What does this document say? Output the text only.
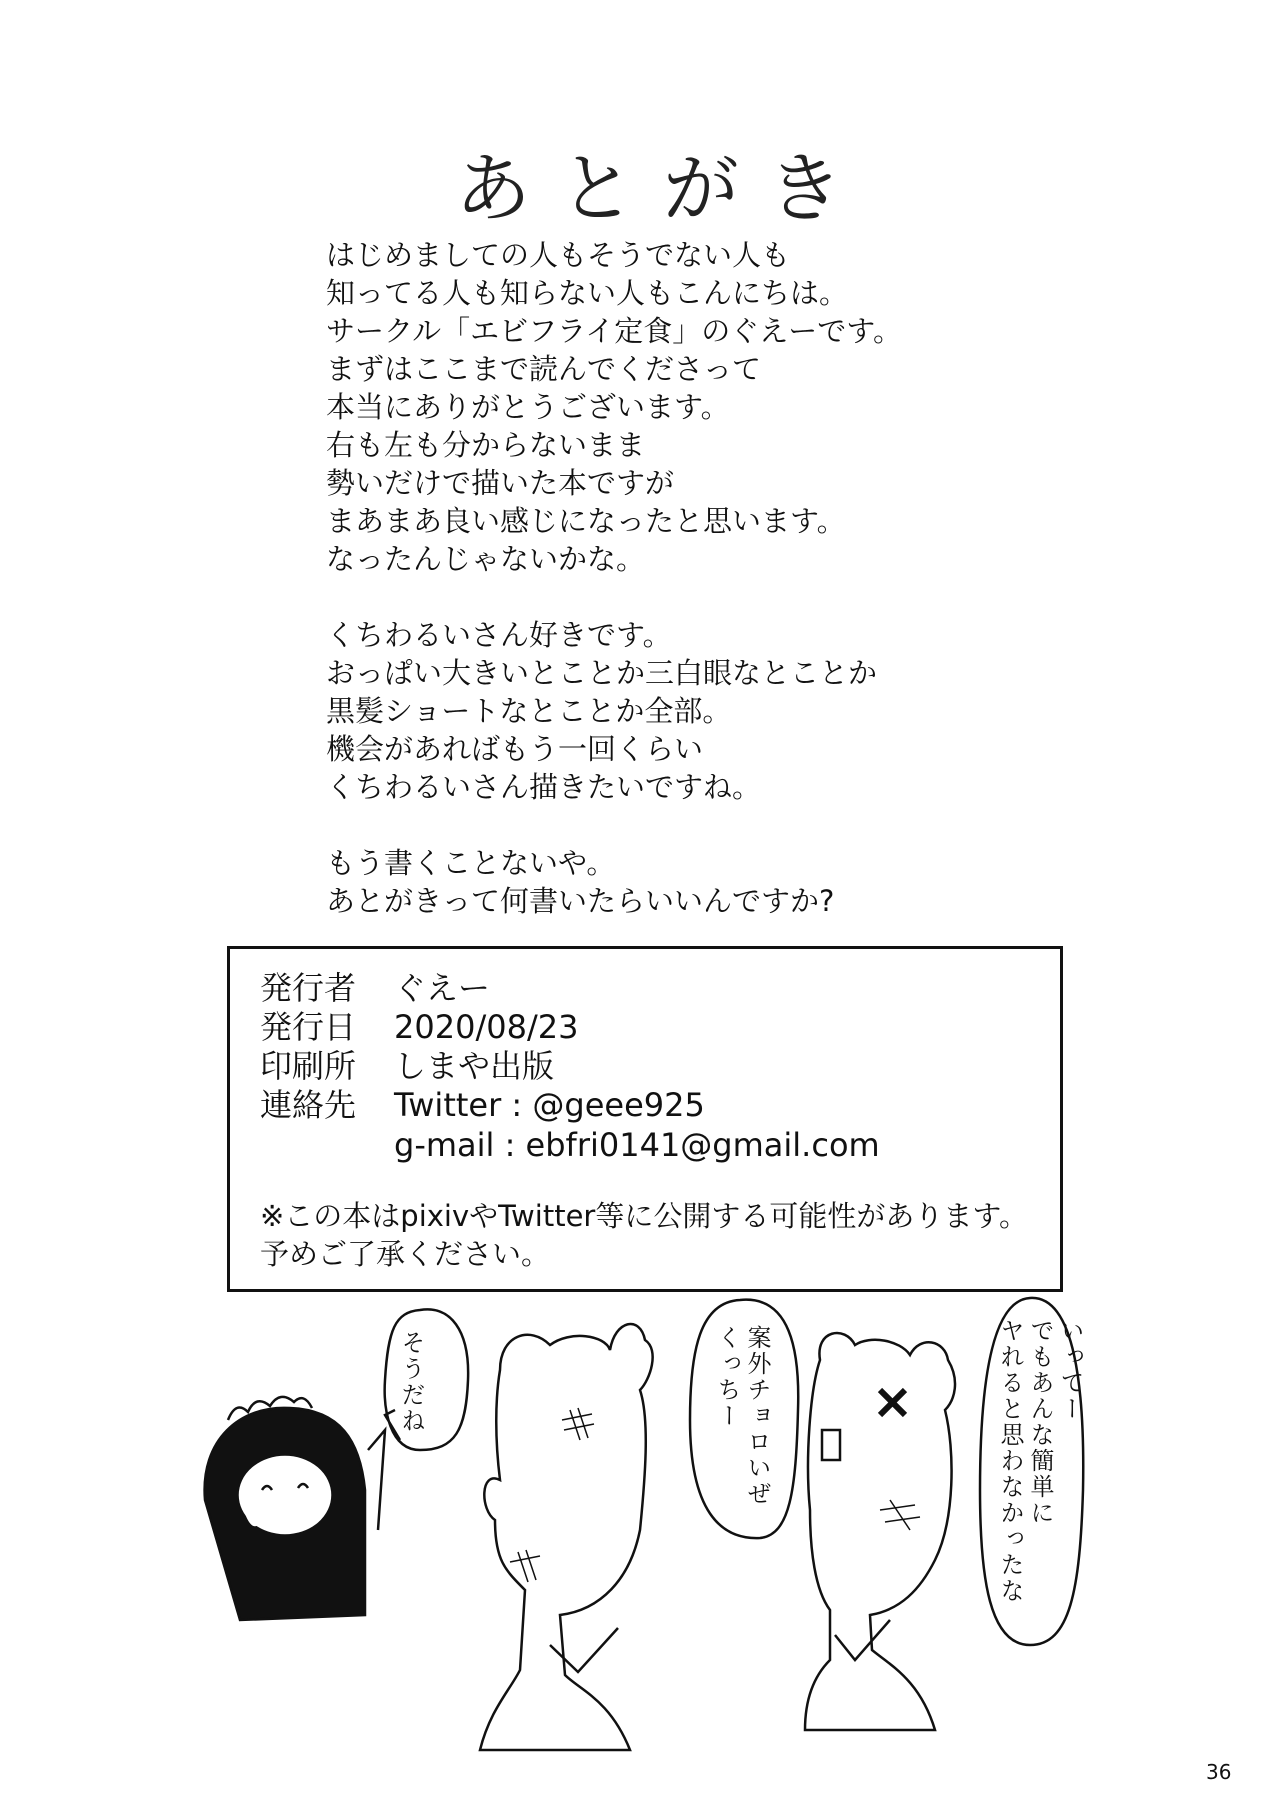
あとがき
はじめましての人もそうでない人も
知ってる人も知らない人もこんにちは。
サークル「エビフライ定食」のぐえーです。
まずはここまで読んでくださって
本当にありがとうございます。
右も左も分からないまま
勢いだけで描いた本ですが
まあまあ良い感じになったと思います。
なったんじゃないかな。
くちわるいさん好きです。
おっぱい大きいとことか三白眼なとことか
黒髪ショートなとことか全部。
機会があればもう一回くらい
くちわるいさん描きたいですね。
もう書くことないや。
あとがきって何書いたらいいんですか?
発行者 ぐえー
発行日 2020/08/23
印刷所 しまや出版
連絡先 Twitter : @geee925
g-mail : ebfri0141@gmail.com
※この本はpixivやTwitter等に公開する可能性があります。
予めご了承ください。
そうだね	案外チョロいぜ
くっちー	いってー
でもあんな簡単に
ヤれると思わなかったな
36
